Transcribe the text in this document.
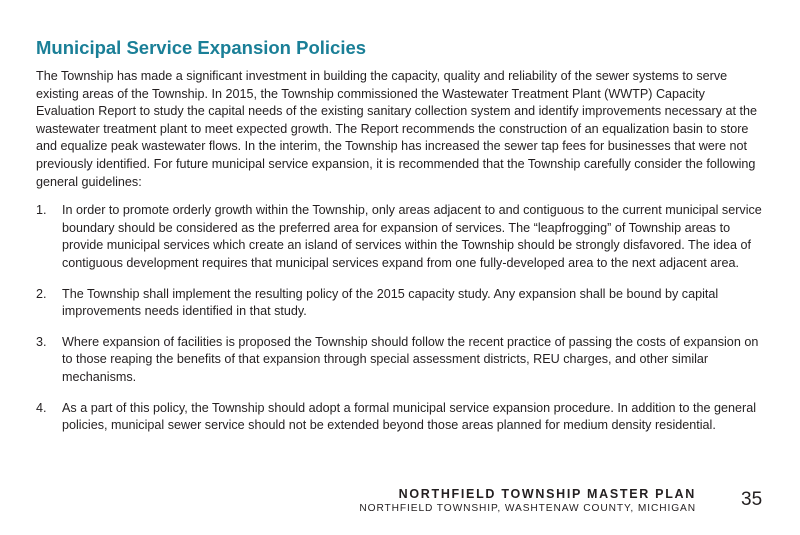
Municipal Service Expansion Policies

The Township has made a significant investment in building the capacity, quality and reliability of the sewer systems to serve existing areas of the Township. In 2015, the Township commissioned the Wastewater Treatment Plant (WWTP) Capacity Evaluation Report to study the capital needs of the existing sanitary collection system and identify improvements necessary at the wastewater treatment plant to meet expected growth. The Report recommends the construction of an equalization basin to store and equalize peak wastewater flows. In the interim, the Township has increased the sewer tap fees for businesses that were not previously identified. For future municipal service expansion, it is recommended that the Township carefully consider the following general guidelines:

1.	In order to promote orderly growth within the Township, only areas adjacent to and contiguous to the current municipal service boundary should be considered as the preferred area for expansion of services. The “leapfrogging” of Township areas to provide municipal services which create an island of services within the Township should be strongly disfavored. The idea of contiguous development requires that municipal services expand from one fully-developed area to the next adjacent area.
2.	The Township shall implement the resulting policy of the 2015 capacity study. Any expansion shall be bound by capital improvements needs identified in that study.
3.	Where expansion of facilities is proposed the Township should follow the recent practice of passing the costs of expansion on to those reaping the benefits of that expansion through special assessment districts, REU charges, and other similar mechanisms.
4.	As a part of this policy, the Township should adopt a formal municipal service expansion procedure. In addition to the general policies, municipal sewer service should not be extended beyond those areas planned for medium density residential.
NORTHFIELD TOWNSHIP MASTER PLAN
NORTHFIELD TOWNSHIP, WASHTENAW COUNTY, MICHIGAN 35
